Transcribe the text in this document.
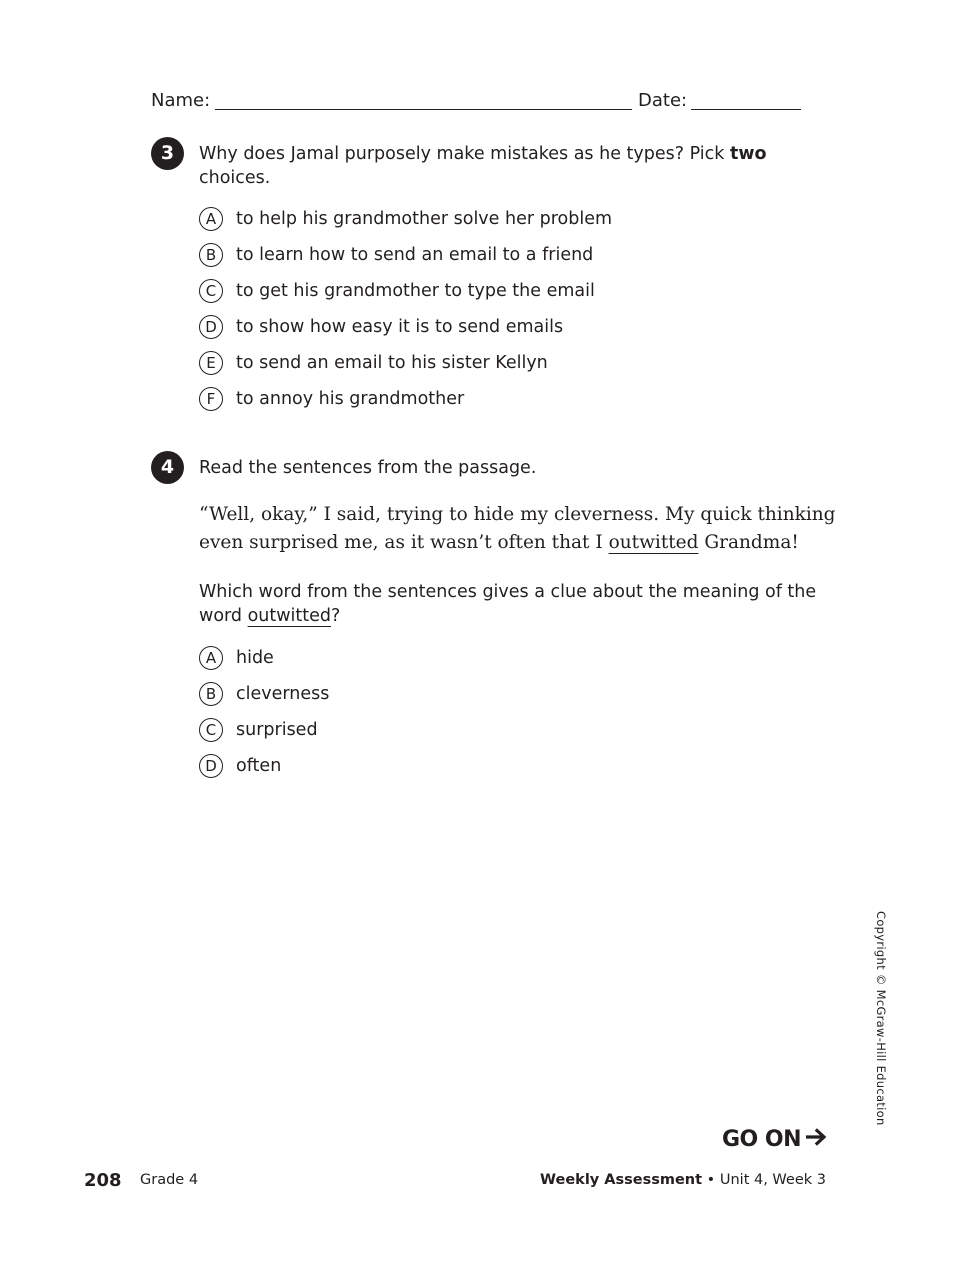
Name:	Date:
3	Why does Jamal purposely make mistakes as he types? Pick two choices.
A	to help his grandmother solve her problem
B	to learn how to send an email to a friend
C	to get his grandmother to type the email
D	to show how easy it is to send emails
E	to send an email to his sister Kellyn
F	to annoy his grandmother
4	Read the sentences from the passage.
“Well, okay,” I said, trying to hide my cleverness. My quick thinking even surprised me, as it wasn’t often that I outwitted Grandma!
Which word from the sentences gives a clue about the meaning of the word outwitted?
A	hide
B	cleverness
C	surprised
D	often
Copyright © McGraw-Hill Education
GO ON
208 Grade 4	Weekly Assessment • Unit 4, Week 3
